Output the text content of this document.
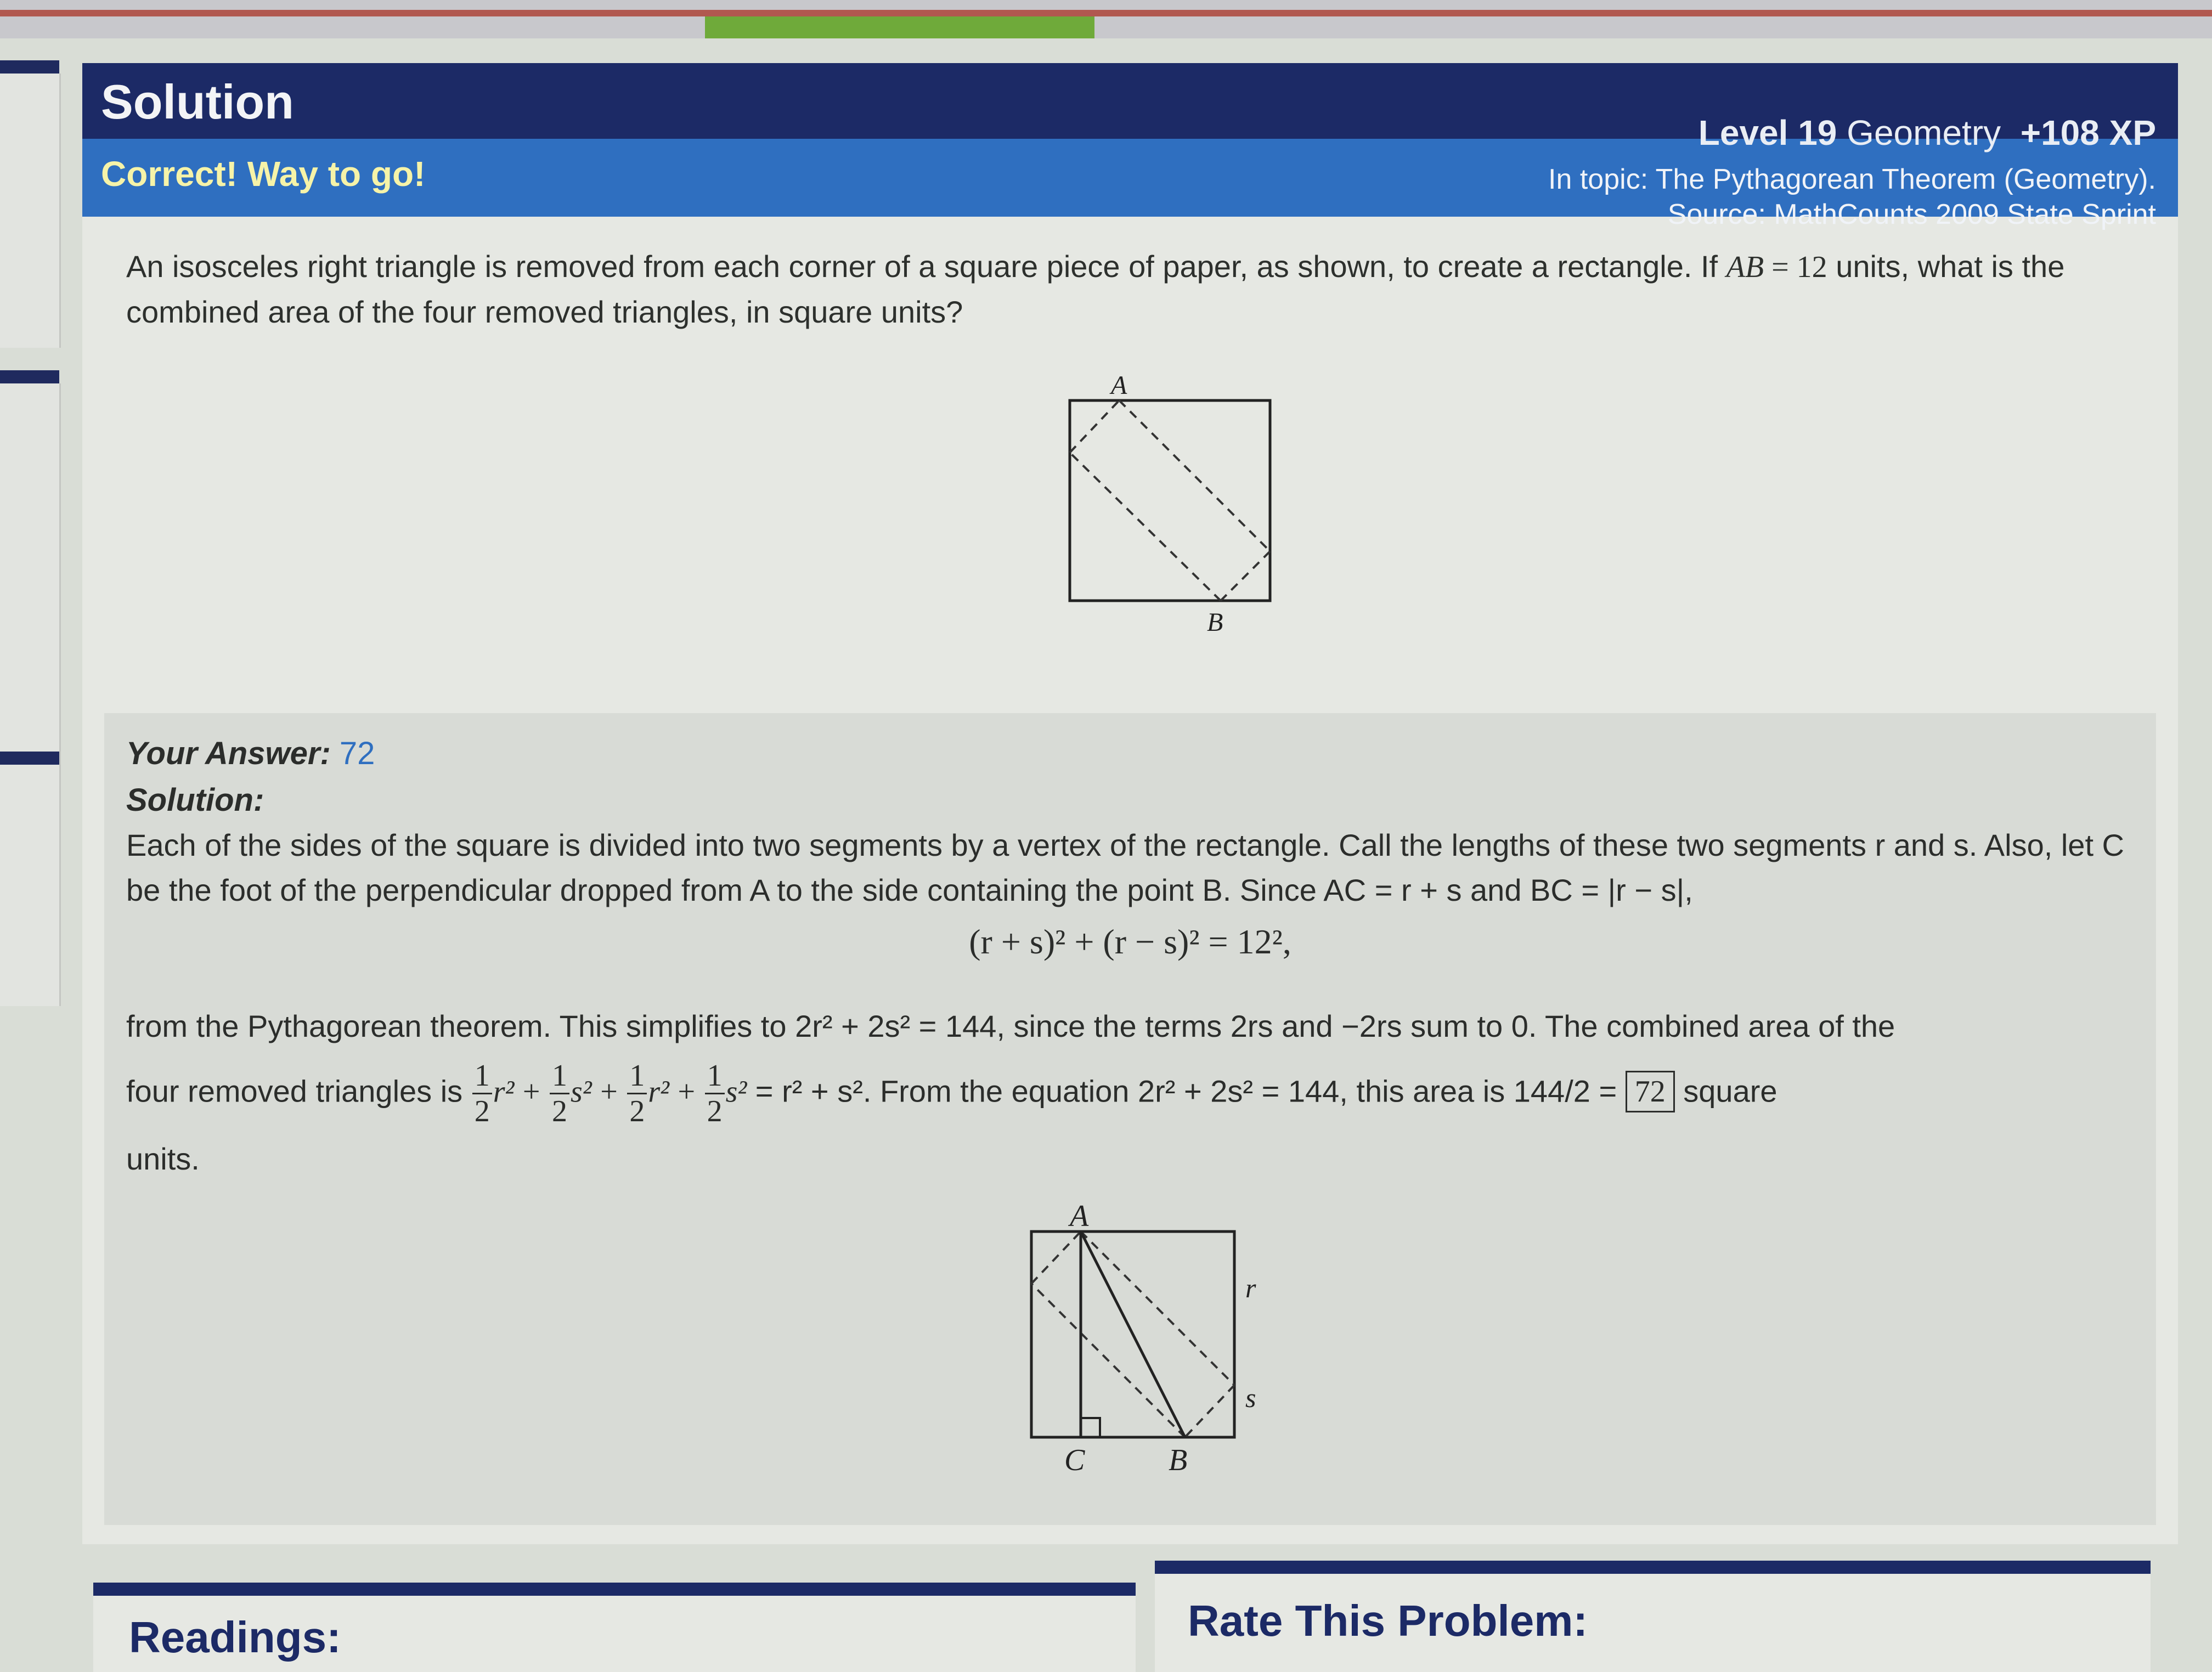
Solution
Level 19 Geometry +108 XP
Correct! Way to go!	In topic: The Pythagorean Theorem (Geometry).
Source: MathCounts 2009 State Sprint
An isosceles right triangle is removed from each corner of a square piece of paper, as shown, to create a rectangle. If AB = 12 units, what is the combined area of the four removed triangles, in square units?
A
B
Your Answer: 72
Solution:
Each of the sides of the square is divided into two segments by a vertex of the rectangle. Call the lengths of these two segments r and s. Also, let C be the foot of the perpendicular dropped from A to the side containing the point B. Since AC = r + s and BC = |r − s|,
(r + s)² + (r − s)² = 12²,
from the Pythagorean theorem. This simplifies to 2r² + 2s² = 144, since the terms 2rs and −2rs sum to 0. The combined area of the
four removed triangles is $\frac{1}{2} r^2 + \frac{1}{2} s^2 + \frac{1}{2} r^2 + \frac{1}{2} s^2 = r^2 + s^2$. From the equation 2r² + 2s² = 144, this area is 144/2 = 72 square
units.
A
B
C
r
s
Readings:	Rate This Problem:
